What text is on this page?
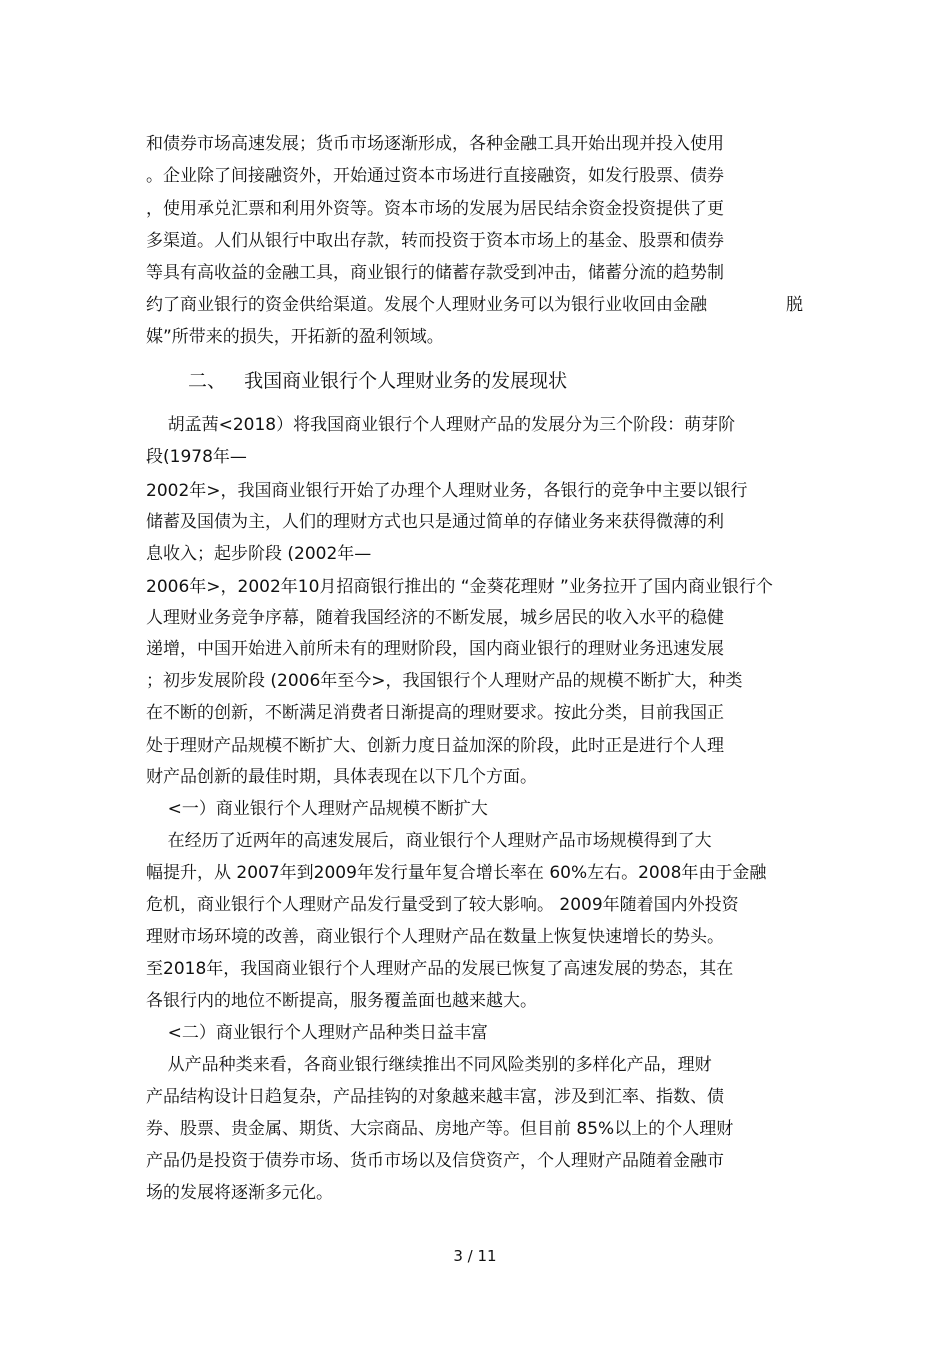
和债券市场高速发展；货币市场逐渐形成，各种金融工具开始出现并投入使用
。企业除了间接融资外，开始通过资本市场进行直接融资，如发行股票、债券
，使用承兑汇票和利用外资等。资本市场的发展为居民结余资金投资提供了更
多渠道。人们从银行中取出存款，转而投资于资本市场上的基金、股票和债券
等具有高收益的金融工具，商业银行的储蓄存款受到冲击，储蓄分流的趋势制
约了商业银行的资金供给渠道。发展个人理财业务可以为银行业收回由金融	脱
媒”所带来的损失，开拓新的盈利领域。
二、   我国商业银行个人理财业务的发展现状
胡孟茜<2018）将我国商业银行个人理财产品的发展分为三个阶段：萌芽阶
段(1978年—
2002年>，我国商业银行开始了办理个人理财业务，各银行的竞争中主要以银行
储蓄及国债为主，人们的理财方式也只是通过简单的存储业务来获得微薄的利
息收入；起步阶段 (2002年—
2006年>，2002年10月招商银行推出的 “金葵花理财 ”业务拉开了国内商业银行个
人理财业务竞争序幕，随着我国经济的不断发展，城乡居民的收入水平的稳健
递增，中国开始进入前所未有的理财阶段，国内商业银行的理财业务迅速发展
；初步发展阶段 (2006年至今>，我国银行个人理财产品的规模不断扩大，种类
在不断的创新，不断满足消费者日渐提高的理财要求。按此分类，目前我国正
处于理财产品规模不断扩大、创新力度日益加深的阶段，此时正是进行个人理
财产品创新的最佳时期，具体表现在以下几个方面。
<一）商业银行个人理财产品规模不断扩大
在经历了近两年的高速发展后，商业银行个人理财产品市场规模得到了大
幅提升，从 2007年到2009年发行量年复合增长率在 60%左右。2008年由于金融
危机，商业银行个人理财产品发行量受到了较大影响。 2009年随着国内外投资
理财市场环境的改善，商业银行个人理财产品在数量上恢复快速增长的势头。
至2018年，我国商业银行个人理财产品的发展已恢复了高速发展的势态，其在
各银行内的地位不断提高，服务覆盖面也越来越大。
<二）商业银行个人理财产品种类日益丰富
从产品种类来看，各商业银行继续推出不同风险类别的多样化产品，理财
产品结构设计日趋复杂，产品挂钩的对象越来越丰富，涉及到汇率、指数、债
券、股票、贵金属、期货、大宗商品、房地产等。但目前 85%以上的个人理财
产品仍是投资于债券市场、货币市场以及信贷资产，个人理财产品随着金融市
场的发展将逐渐多元化。
3 / 11
